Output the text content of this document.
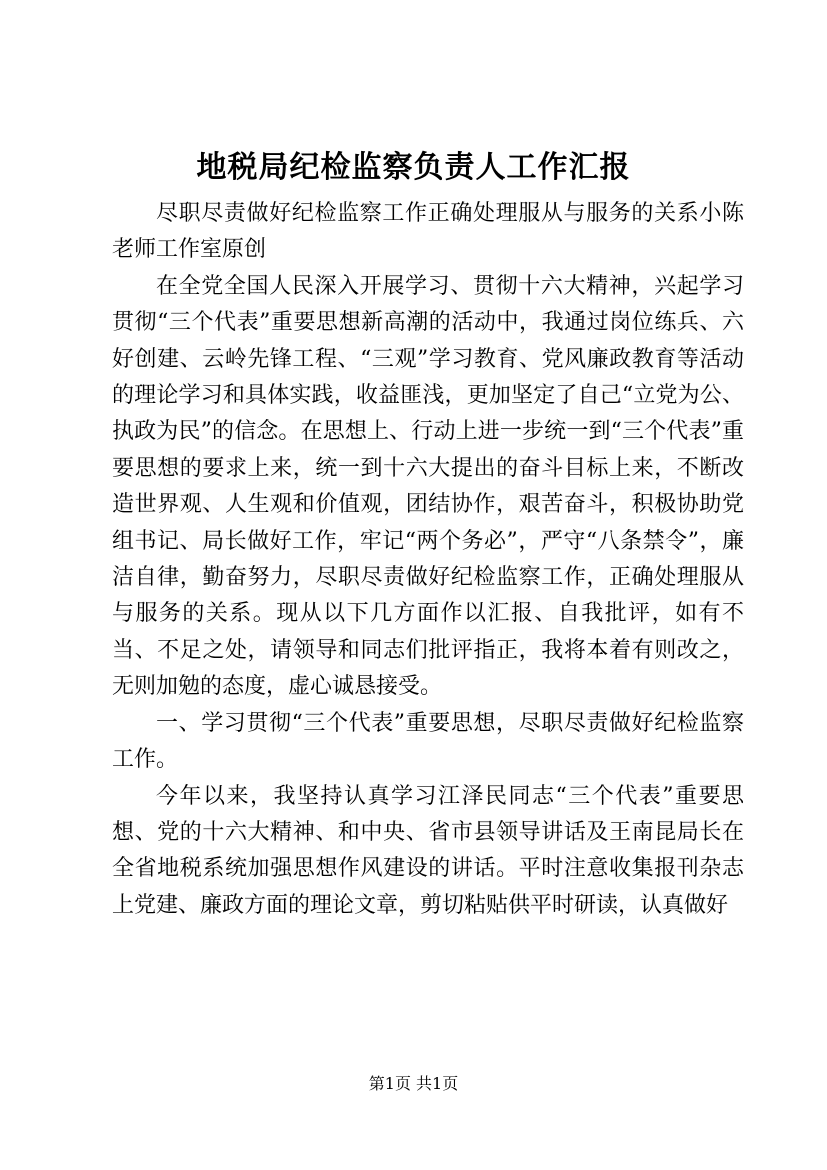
地税局纪检监察负责人工作汇报

尽职尽责做好纪检监察工作正确处理服从与服务的关系小陈老师工作室原创

在全党全国人民深入开展学习、贯彻十六大精神，兴起学习贯彻“三个代表”重要思想新高潮的活动中，我通过岗位练兵、六好创建、云岭先锋工程、“三观”学习教育、党风廉政教育等活动的理论学习和具体实践，收益匪浅，更加坚定了自己“立党为公、执政为民”的信念。在思想上、行动上进一步统一到“三个代表”重要思想的要求上来，统一到十六大提出的奋斗目标上来，不断改造世界观、人生观和价值观，团结协作，艰苦奋斗，积极协助党组书记、局长做好工作，牢记“两个务必”，严守“八条禁令”，廉洁自律，勤奋努力，尽职尽责做好纪检监察工作，正确处理服从与服务的关系。现从以下几方面作以汇报、自我批评，如有不当、不足之处，请领导和同志们批评指正，我将本着有则改之，无则加勉的态度，虚心诚恳接受。

一、学习贯彻“三个代表”重要思想，尽职尽责做好纪检监察工作。

今年以来，我坚持认真学习江泽民同志“三个代表”重要思想、党的十六大精神、和中央、省市县领导讲话及王南昆局长在全省地税系统加强思想作风建设的讲话。平时注意收集报刊杂志上党建、廉政方面的理论文章，剪切粘贴供平时研读，认真做好

第1页 共1页
